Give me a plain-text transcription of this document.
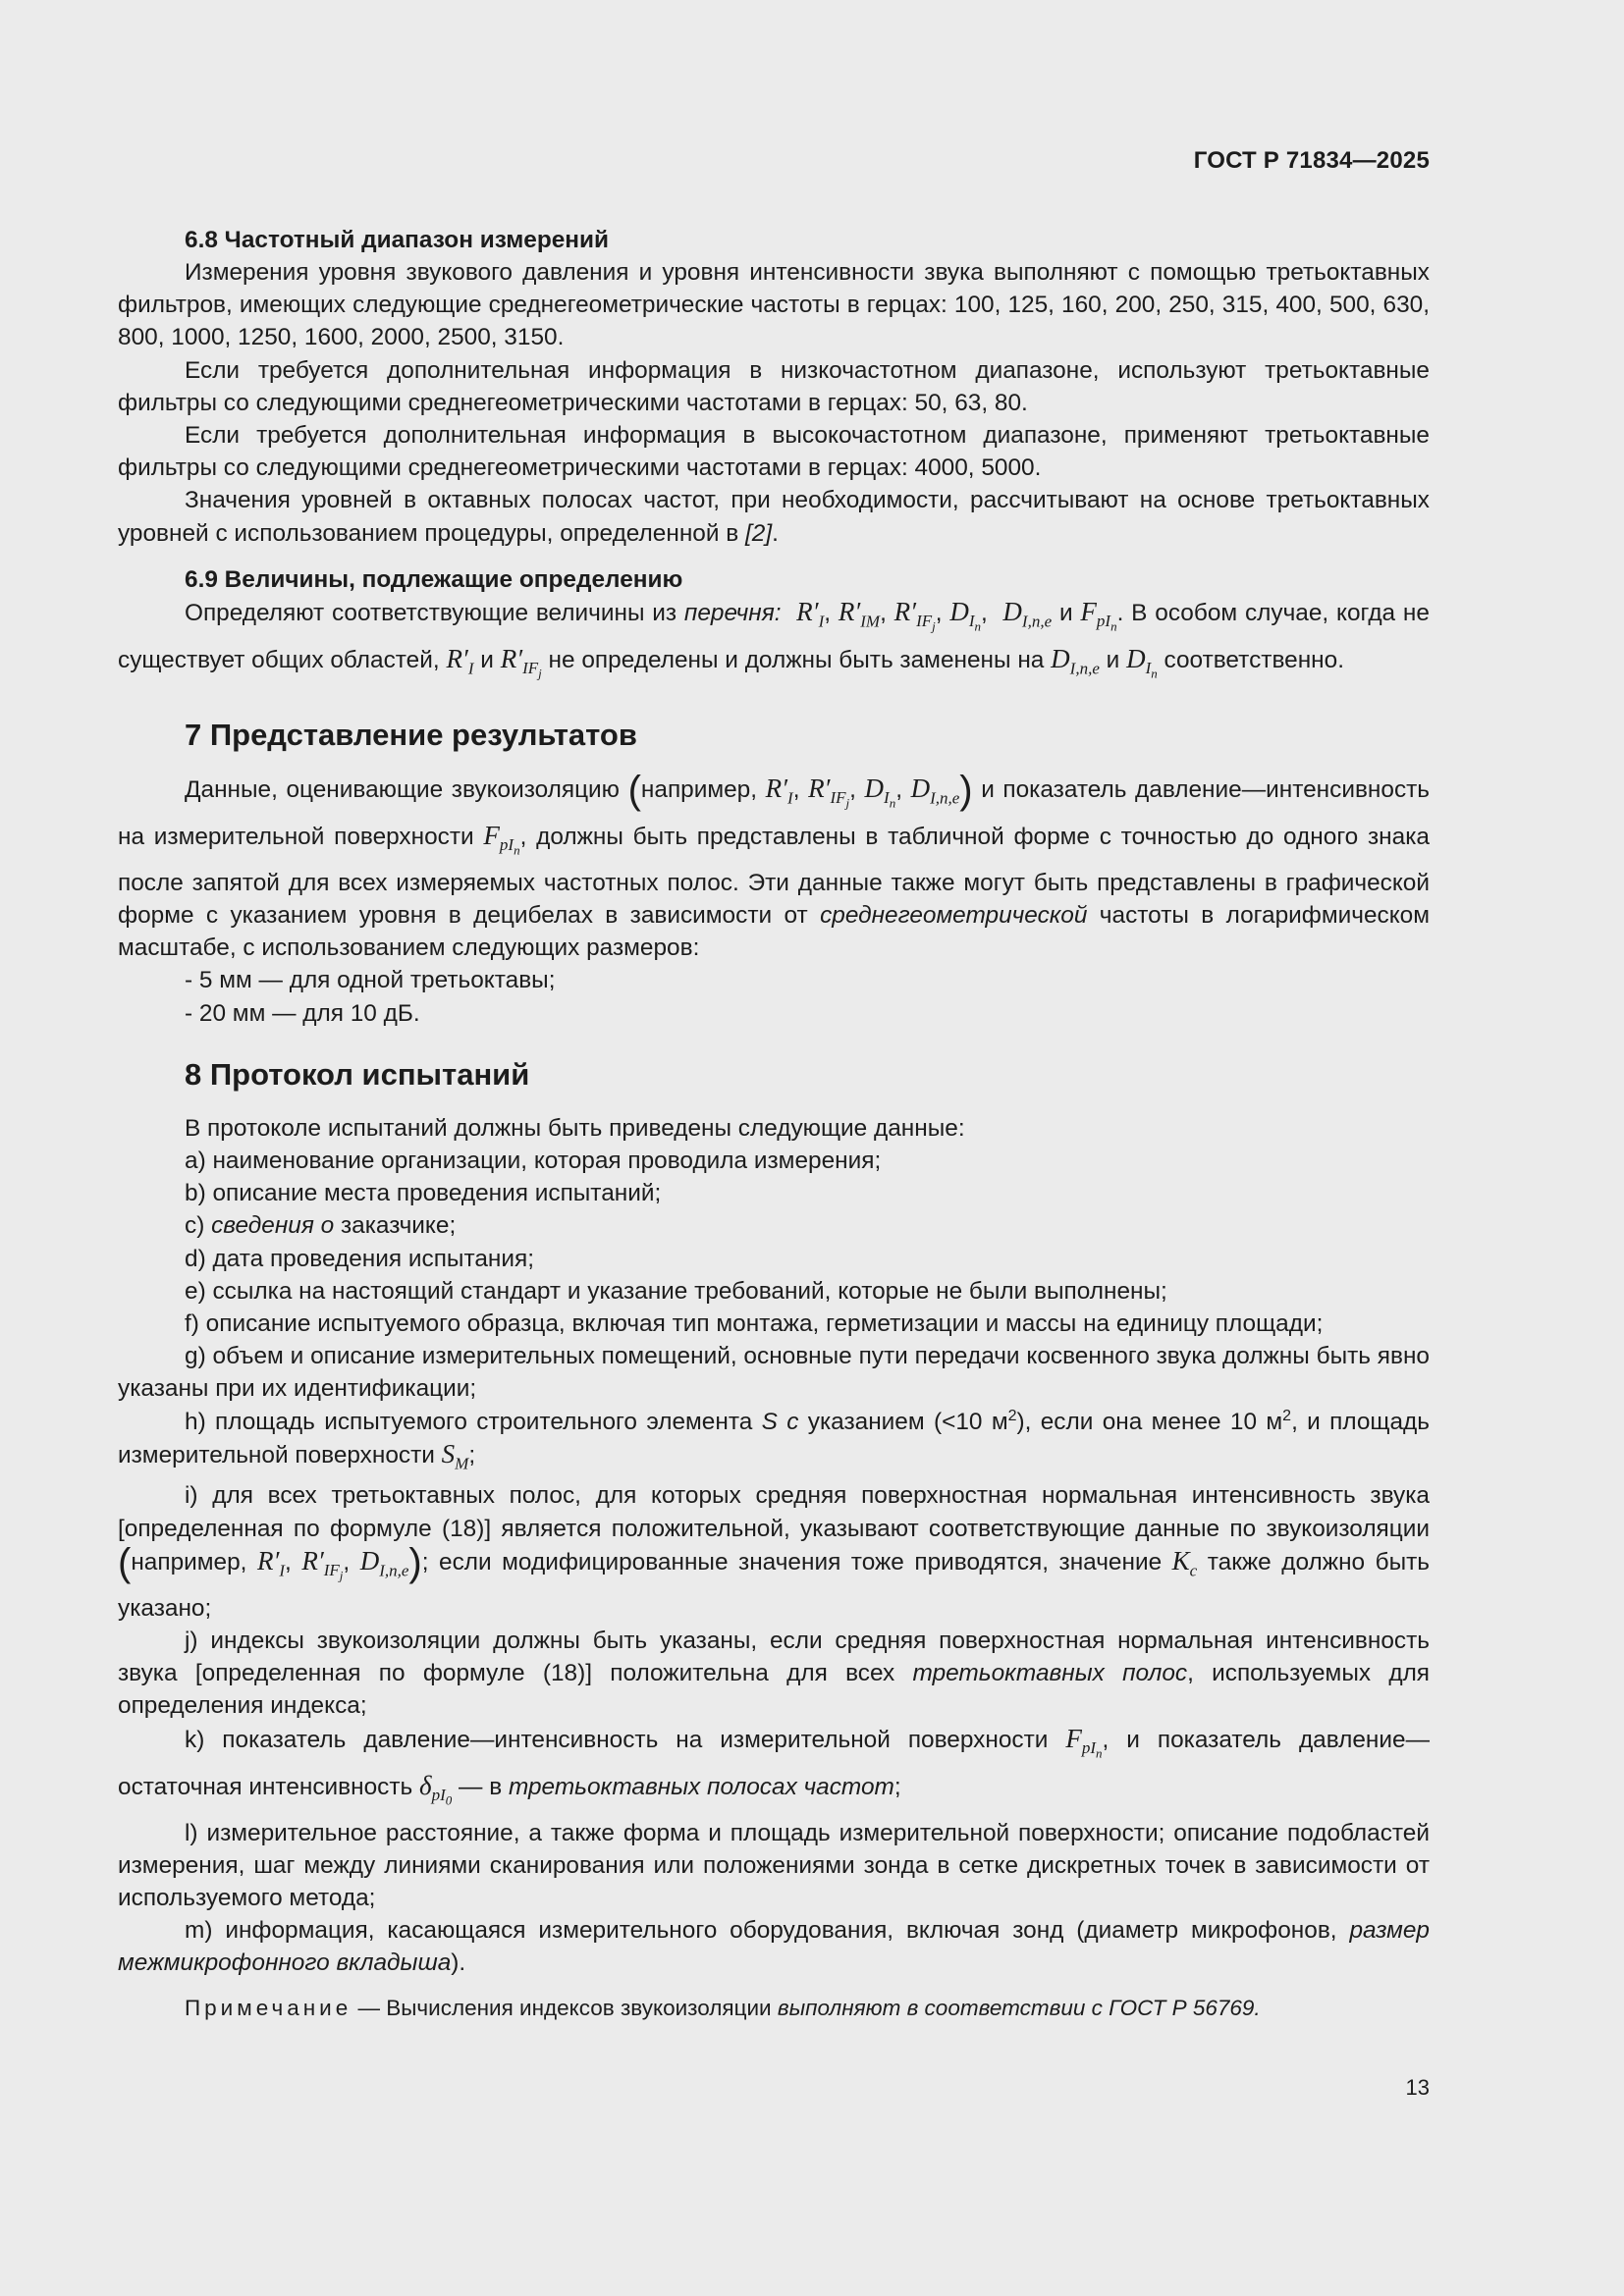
ГОСТ Р 71834—2025
6.8 Частотный диапазон измерений

Измерения уровня звукового давления и уровня интенсивности звука выполняют с помощью третьоктавных фильтров, имеющих следующие среднегеометрические частоты в герцах: 100, 125, 160, 200, 250, 315, 400, 500, 630, 800, 1000, 1250, 1600, 2000, 2500, 3150.

Если требуется дополнительная информация в низкочастотном диапазоне, используют третьоктавные фильтры со следующими среднегеометрическими частотами в герцах: 50, 63, 80.

Если требуется дополнительная информация в высокочастотном диапазоне, применяют третьоктавные фильтры со следующими среднегеометрическими частотами в герцах: 4000, 5000.

Значения уровней в октавных полосах частот, при необходимости, рассчитывают на основе третьоктавных уровней с использованием процедуры, определенной в [2].

6.9 Величины, подлежащие определению

Определяют соответствующие величины из перечня: $R'_I$, $R'_{IM}$, $R'_{IF_j}$, $D_{I_n}$,  $D_{I,n,e}$ и $F_{pI_n}$. В особом случае, когда не существует общих областей, $R'_I$ и $R'_{IF_j}$ не определены и должны быть заменены на $D_{I,n,e}$ и $D_{I_n}$ соответственно.

7 Представление результатов

Данные, оценивающие звукоизоляцию (например, $R'_I$, $R'_{IF_j}$, $D_{I_n}$, $D_{I,n,e}$) и показатель давление—интенсивность на измерительной поверхности $F_{pI_n}$, должны быть представлены в табличной форме с точностью до одного знака после запятой для всех измеряемых частотных полос. Эти данные также могут быть представлены в графической форме с указанием уровня в децибелах в зависимости от среднегеометрической частоты в логарифмическом масштабе, с использованием следующих размеров:

- 5 мм — для одной третьоктавы;

- 20 мм — для 10 дБ.

8 Протокол испытаний

В протоколе испытаний должны быть приведены следующие данные:

a) наименование организации, которая проводила измерения;

b) описание места проведения испытаний;

c) сведения о заказчике;

d) дата проведения испытания;

e) ссылка на настоящий стандарт и указание требований, которые не были выполнены;

f) описание испытуемого образца, включая тип монтажа, герметизации и массы на единицу площади;

g) объем и описание измерительных помещений, основные пути передачи косвенного звука должны быть явно указаны при их идентификации;

h) площадь испытуемого строительного элемента S c указанием (<10 $м^2$), если она менее 10 $м^2$, и площадь измерительной поверхности $S_M$;

i) для всех третьоктавных полос, для которых средняя поверхностная нормальная интенсивность звука [определенная по формуле (18)] является положительной, указывают соответствующие данные по звукоизоляции (например, $R'_I$, $R'_{IF_j}$, $D_{I,n,e}$); если модифицированные значения тоже приводятся, значение $K_c$ также должно быть указано;

j) индексы звукоизоляции должны быть указаны, если средняя поверхностная нормальная интенсивность звука [определенная по формуле (18)] положительна для всех третьоктавных полос, используемых для определения индекса;

k) показатель давление—интенсивность на измерительной поверхности $F_{pI_n}$, и показатель давление—остаточная интенсивность $\delta_{pI_0}$ — в третьоктавных полосах частот;

l) измерительное расстояние, а также форма и площадь измерительной поверхности; описание подобластей измерения, шаг между линиями сканирования или положениями зонда в сетке дискретных точек в зависимости от используемого метода;

m) информация, касающаяся измерительного оборудования, включая зонд (диаметр микрофонов, размер межмикрофонного вкладыша).

Примечание — Вычисления индексов звукоизоляции выполняют в соответствии с ГОСТ Р 56769.

13
